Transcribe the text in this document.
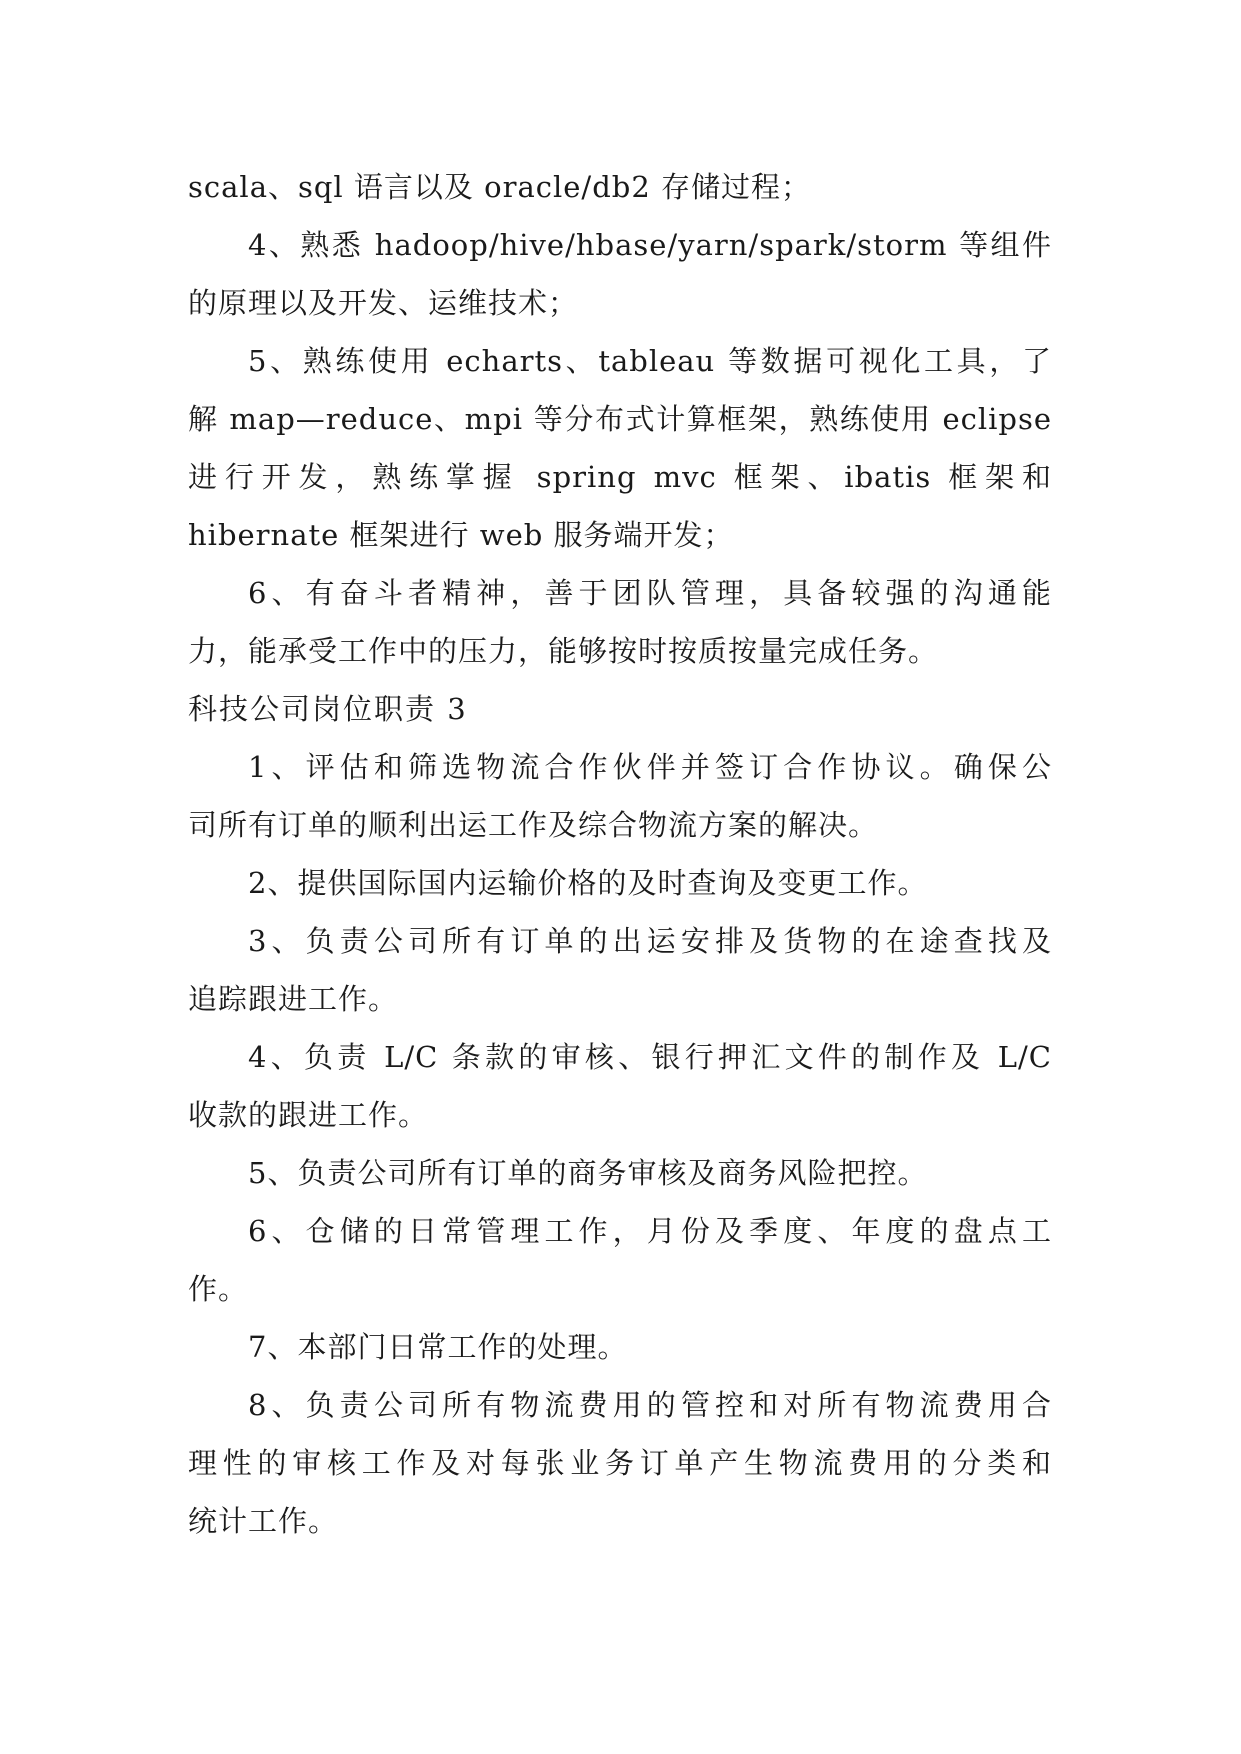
scala、sql 语言以及 oracle/db2 存储过程；
4、熟悉 hadoop/hive/hbase/yarn/spark/storm 等组件
的原理以及开发、运维技术；
5、熟练使用 echarts、tableau 等数据可视化工具，了
解 map—reduce、mpi 等分布式计算框架，熟练使用 eclipse
进行开发，熟练掌握 spring mvc 框架、ibatis 框架和
hibernate 框架进行 web 服务端开发；
6、有奋斗者精神，善于团队管理，具备较强的沟通能
力，能承受工作中的压力，能够按时按质按量完成任务。
科技公司岗位职责 3
1、评估和筛选物流合作伙伴并签订合作协议。确保公
司所有订单的顺利出运工作及综合物流方案的解决。
2、提供国际国内运输价格的及时查询及变更工作。
3、负责公司所有订单的出运安排及货物的在途查找及
追踪跟进工作。
4、负责 L/C 条款的审核、银行押汇文件的制作及 L/C
收款的跟进工作。
5、负责公司所有订单的商务审核及商务风险把控。
6、仓储的日常管理工作，月份及季度、年度的盘点工
作。
7、本部门日常工作的处理。
8、负责公司所有物流费用的管控和对所有物流费用合
理性的审核工作及对每张业务订单产生物流费用的分类和
统计工作。
